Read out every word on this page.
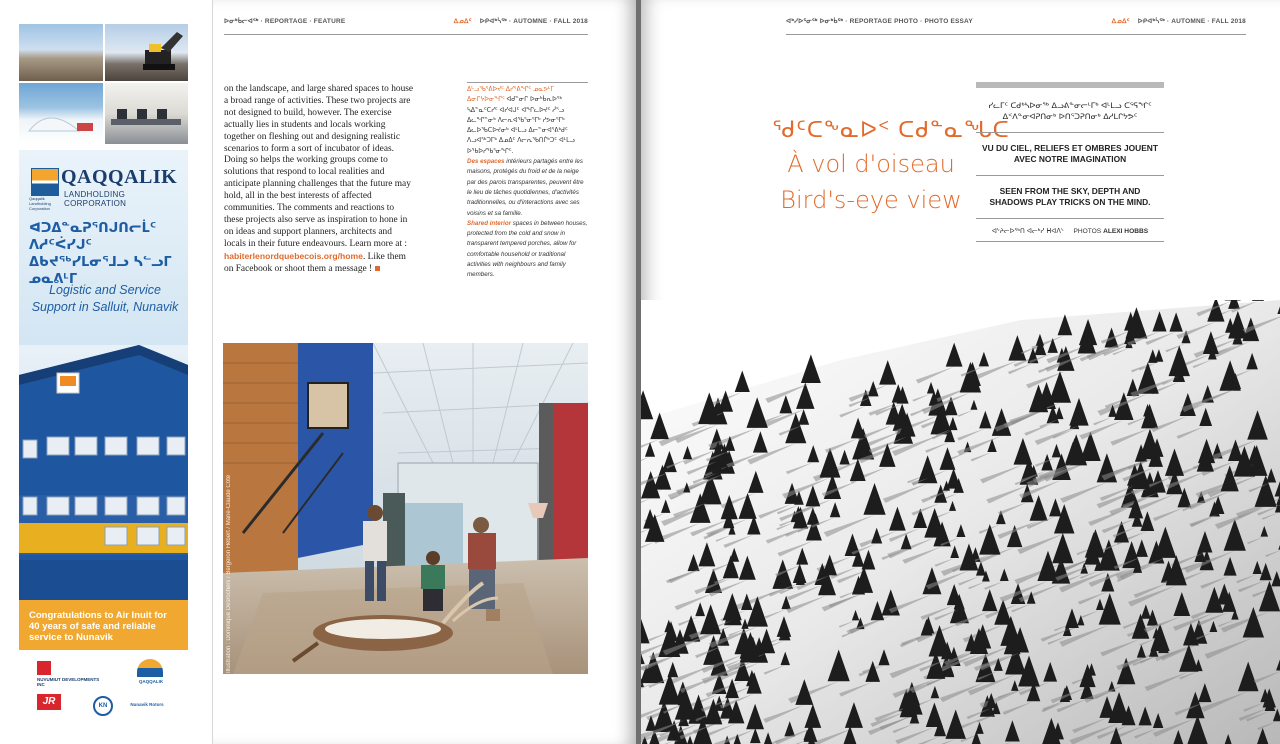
Qaqqalik Landholding Corporation
QAQQALIK
LANDHOLDING CORPORATION
ᐊᑐᐃᓐᓇᕈᕐᑎᒍᑎᓕᒫᑦ ᐱᓱᑦᐹᓯᒍᑦ ᐃᑲᔪᖅᓯᒪᓂᕐᒧᓗ ᓴᓪᓗᒥ ᓄᓇᕕᒻᒥ
Logistic and Service Support in Salluit, Nunavik
Congratulations to Air Inuit for 40 years of safe and reliable service to Nunavik
NUVUMIUT DEVELOPMENTS INC
QAQQALIK
JR	KN	Nunavik Rotors
ᐅᓂᒃᑳᓕᐊᖅ · REPORTAGE · FEATURE	ᐃᓄᐃᑦ ᐅᑭᐊᒃᓵᖅ · AUTOMNE · FALL 2018
on the landscape, and large shared spaces to house a broad range of activities. These two projects are not designed to build, however. The exercise actually lies in students and locals working together on fleshing out and designing realistic scenarios to form a sort of incubator of ideas. Doing so helps the working groups come to solutions that respond to local realities and anticipate planning challenges that the future may hold, all in the best interests of affected communities. The comments and reactions to these projects also serve as inspiration to hone in on ideas and support planners, architects and locals in their future endeavours. Learn more at : habiterlenordquebecois.org/home. Like them on Facebook or shoot them a message !
ᐃᒡᓗᖃᕐᕕᐅᔪᑦ ᐃᓯᕐᕕᖏᑦ ᓄᓇᕗᒻᒥ ᐃᓂᒋᔭᐅᓂᖏᑦ ᐊᑯᓐᓂᒋ ᐅᓂᒃᑳᕆᐅᖅ ᓴᐃᓐᓇᑦᑕᓯᑦ ᐊᓯᐊᒍᑦ ᐊᖏᓚᐅᔪᑦ ᓲᕐᓗ ᐃᓚᖏᓐᓂᒃ ᐱᓕᕆᐊᖃᕐᓂᕐᒥᒃ ᓯᕗᓂᕐᒥᒃ ᐃᓚᐅᖃᑕᐅᔪᓂᒃ ᐊᒻᒪᓗ ᐃᓕᓐᓂᐊᕐᕕᒃᑯᑦ ᐱᓗᐊᖅᑐᒥᒃ ᐃᓄᐃᑦ ᐱᓕᕆᖃᑎᒌᒃᑐᑦ ᐊᒻᒪᓗ ᐅᖃᐅᓯᖃᕐᓂᖏᑦ.
Des espaces intérieurs partagés entre les maisons, protégés du froid et de la neige par des parois transparentes, peuvent être le lieu de tâches quotidiennes, d'activités traditionnelles, ou d'interactions avec ses voisins et sa famille.
Shared interior spaces in between houses, protected from the cold and snow in transparent tempered porches, allow for comfortable household or traditional activities with neighbours and family members.
Illustration : Dominique Desrochers / Bergeron Hébert / Marie-Claude Côté
ᐊᒃᓯᐅᕐᓂᖅ ᐅᓂᒃᑳᖅ · REPORTAGE PHOTO · PHOTO ESSAY	ᐃᓄᐃᑦ ᐅᑭᐊᒃᓵᖅ · AUTOMNE · FALL 2018
ᖁᑦᑕᖕᓇᐅᑉ ᑕᑯᓐᓇᖓᑕ
À vol d'oiseau
Bird's-eye view
ᓯᓚᒥᑦ ᑕᑯᒃᓴᐅᓂᖅ ᐃᓗᕕᓐᓂᓕᒻᒥᒃ ᐊᒻᒪᓗ ᑕᕐᕋᖏᑦ ᐃᑉᐱᓐᓂᐊᕈᑎᓂᒃ ᐅᑎᕐᑐᕈᑎᓂᒃ ᐃᓱᒪᒋᔭᕗᑦ
VU DU CIEL, RELIEFS ET OMBRES JOUENT AVEC NOTRE IMAGINATION
SEEN FROM THE SKY, DEPTH AND SHADOWS PLAY TRICKS ON THE MIND.
ᐊᔾᔨᓕᐅᖅᑎ ᐊᓕᒃᓯ ᕼᐊᐱᔅ PHOTOS ALEXI HOBBS
